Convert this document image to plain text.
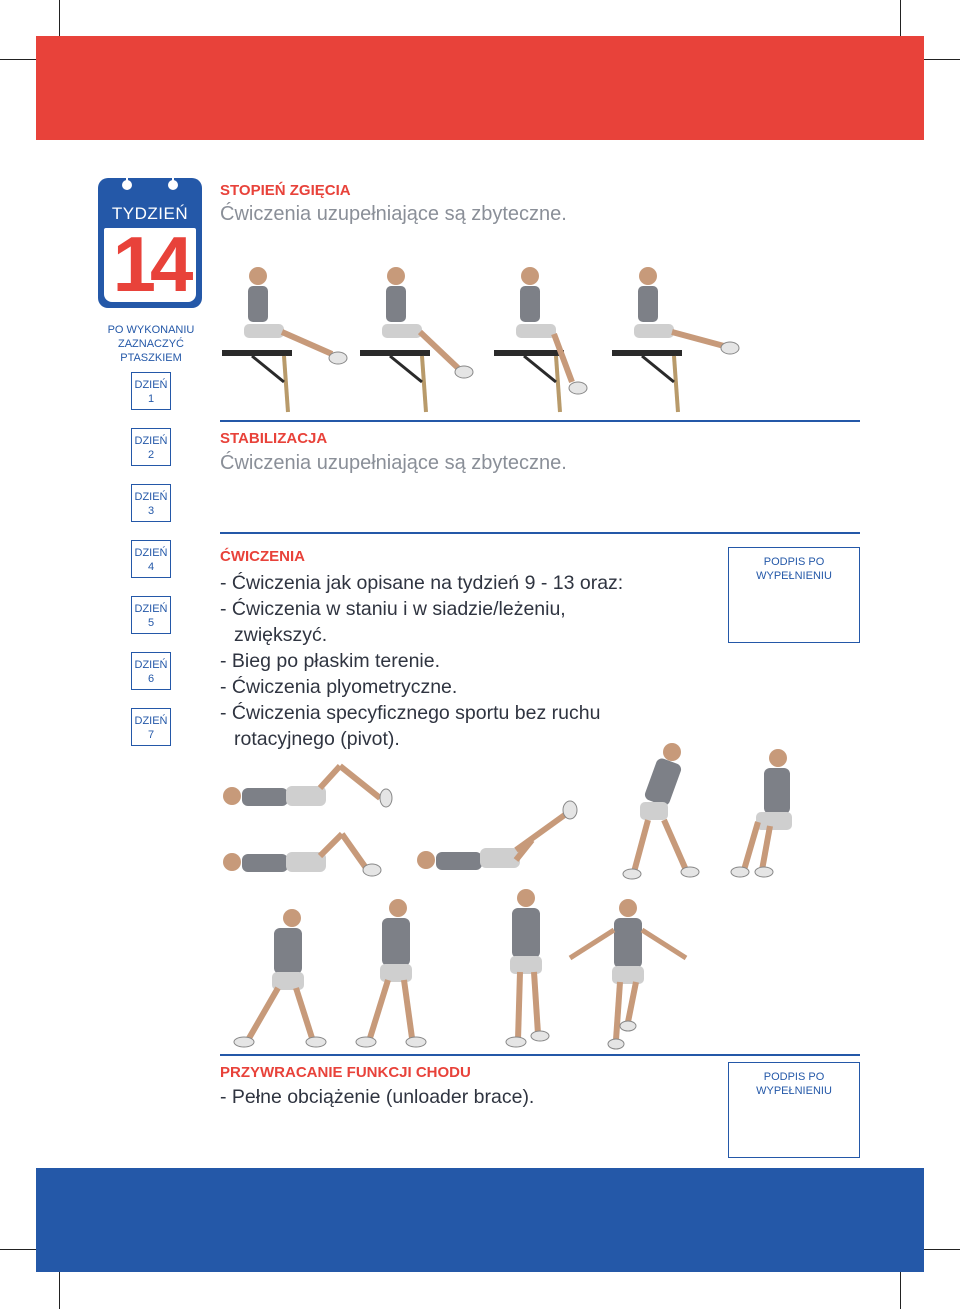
TYDZIEŃ
14
PO WYKONANIU
ZAZNACZYĆ
PTASZKIEM
DZIEŃ
1
DZIEŃ
2
DZIEŃ
3
DZIEŃ
4
DZIEŃ
5
DZIEŃ
6
DZIEŃ
7
STOPIEŃ ZGIĘCIA
Ćwiczenia uzupełniające są zbyteczne.
STABILIZACJA
Ćwiczenia uzupełniające są zbyteczne.
ĆWICZENIA
- Ćwiczenia jak opisane na tydzień 9 - 13 oraz:
- Ćwiczenia w staniu i w siadzie/leżeniu,
zwiększyć.
- Bieg po płaskim terenie.
- Ćwiczenia plyometryczne.
- Ćwiczenia specyficznego sportu bez ruchu
rotacyjnego (pivot).
PODPIS PO
WYPEŁNIENIU
PRZYWRACANIE FUNKCJI CHODU
- Pełne obciążenie (unloader brace).
PODPIS PO
WYPEŁNIENIU
